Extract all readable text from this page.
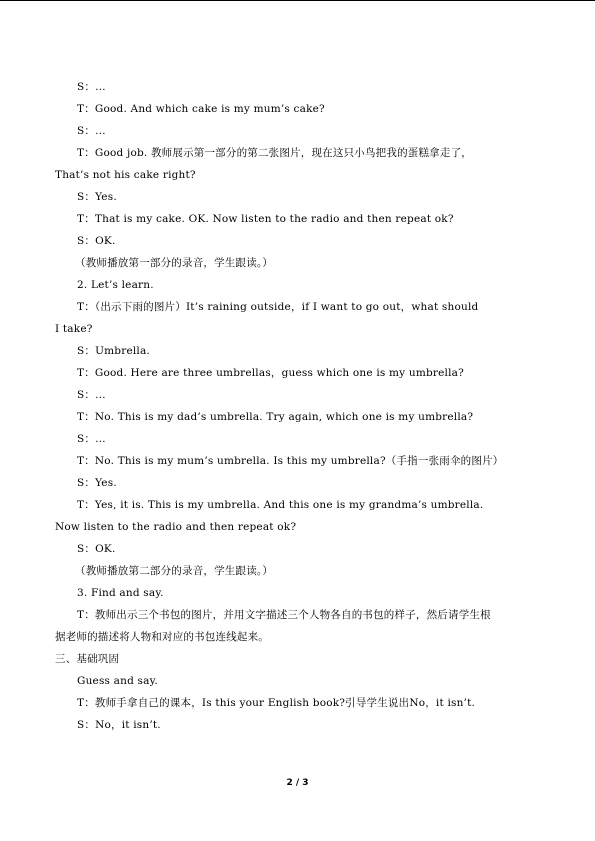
S：…
T：Good. And which cake is my mum’s cake?
S：…
T：Good job. 教师展示第一部分的第二张图片，现在这只小鸟把我的蛋糕拿走了，
That’s not his cake right?
S：Yes.
T：That is my cake. OK. Now listen to the radio and then repeat ok?
S：OK.
（教师播放第一部分的录音，学生跟读。）
2. Let’s learn.
T：（出示下雨的图片）It’s raining outside，if I want to go out，what should
I take?
S：Umbrella.
T：Good. Here are three umbrellas，guess which one is my umbrella?
S：…
T：No. This is my dad’s umbrella. Try again, which one is my umbrella?
S：…
T：No. This is my mum’s umbrella. Is this my umbrella?（手指一张雨伞的图片）
S：Yes.
T：Yes, it is. This is my umbrella. And this one is my grandma’s umbrella.
Now listen to the radio and then repeat ok?
S：OK.
（教师播放第二部分的录音，学生跟读。）
3. Find and say.
T：教师出示三个书包的图片，并用文字描述三个人物各自的书包的样子，然后请学生根
据老师的描述将人物和对应的书包连线起来。
三、基础巩固
Guess and say.
T：教师手拿自己的课本，Is this your English book?引导学生说出No，it isn’t.
S：No，it isn’t.
2 / 3
